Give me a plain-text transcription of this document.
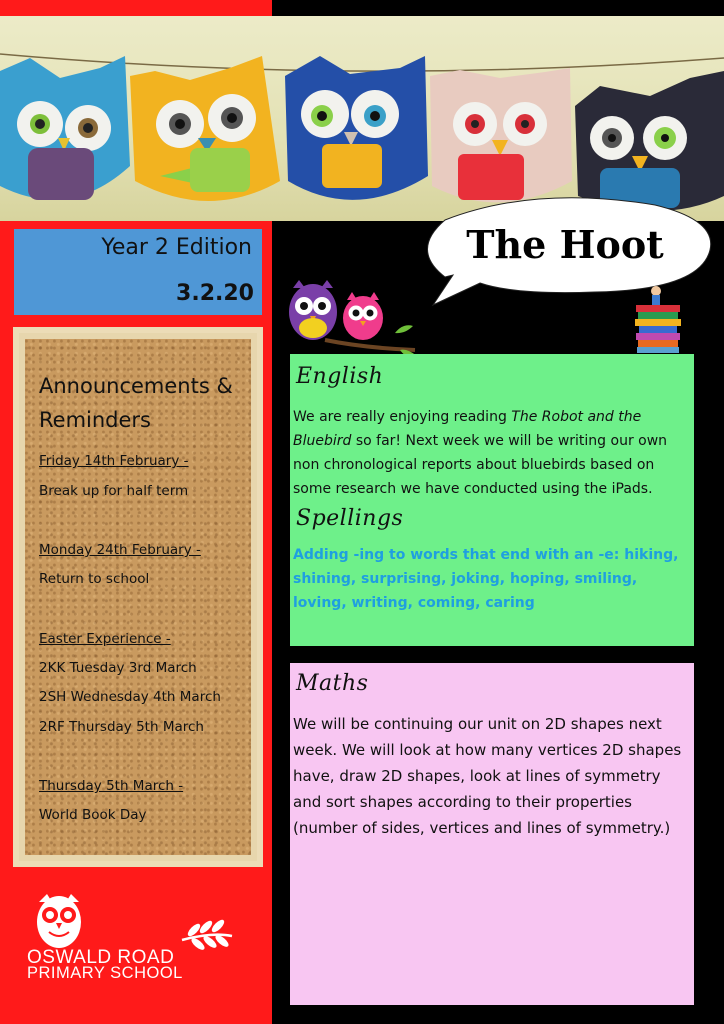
Year 2 Edition
3.2.20
Announcements & Reminders
Friday 14th February -
Break up for half term
Monday 24th February -
Return to school
Easter Experience -
2KK Tuesday 3rd March
2SH Wednesday 4th March
2RF Thursday 5th March
Thursday 5th March -
World Book Day
OSWALD ROAD
PRIMARY SCHOOL
The Hoot
English
We are really enjoying reading The Robot and the Bluebird so far! Next week we will be writing our own non chronological reports about bluebirds based on some research we have conducted using the iPads.
Spellings
Adding -ing to words that end with an -e: hiking, shining, surprising, joking, hoping, smiling, loving, writing, coming, caring
Maths
We will be continuing our unit on 2D shapes next week. We will look at how many vertices 2D shapes have, draw 2D shapes, look at lines of symmetry and sort shapes according to their properties (number of sides, vertices and lines of symmetry.)
